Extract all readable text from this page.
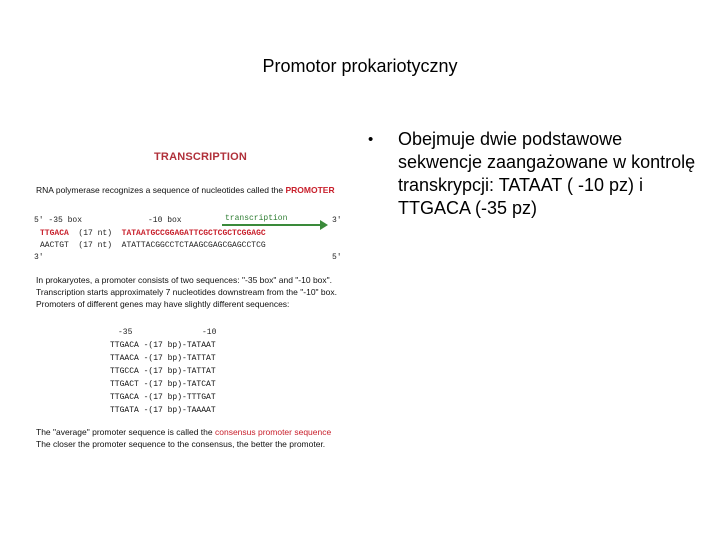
Promotor prokariotyczny
• Obejmuje dwie podstawowe sekwencje zaangażowane w kontrolę transkrypcji: TATAAT ( -10 pz) i TTGACA (-35 pz)
TRANSCRIPTION
RNA polymerase recognizes a sequence of nucleotides called the PROMOTER
5' -35 box	-10 box	transcription	3'
TTGACA (17 nt) TATAATGCCGGAGATTCGCTCGCTCGGAGC
AACTGT (17 nt) ATATTACGGCCTCTAAGCGAGCGAGCCTCG
3'	5'
In prokaryotes, a promoter consists of two sequences: "-35 box" and "-10 box".
Transcription starts approximately 7 nucleotides downstream from the "-10" box.
Promoters of different genes may have slightly different sequences:
-35	-10
TTGACA -(17 bp)-TATAAT
TTAACA -(17 bp)-TATTAT
TTGCCA -(17 bp)-TATTAT
TTGACT -(17 bp)-TATCAT
TTGACA -(17 bp)-TTTGAT
TTGATA -(17 bp)-TAAAAT
The "average" promoter sequence is called the consensus promoter sequence
The closer the promoter sequence to the consensus, the better the promoter.
